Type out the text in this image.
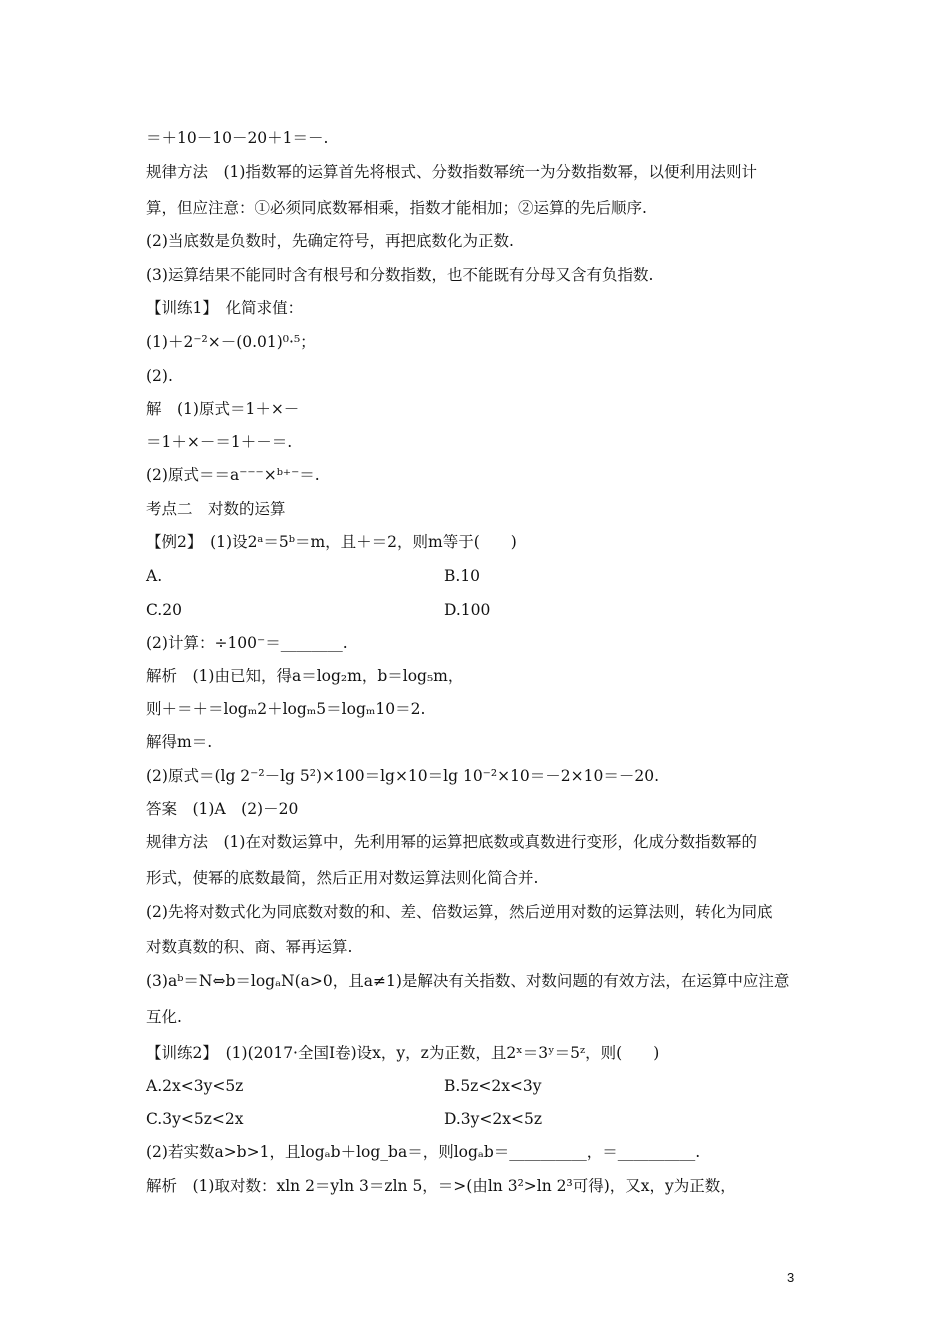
＝＋10－10－20＋1＝－.
规律方法　(1)指数幂的运算首先将根式、分数指数幂统一为分数指数幂，以便利用法则计
算，但应注意：①必须同底数幂相乘，指数才能相加；②运算的先后顺序.
(2)当底数是负数时，先确定符号，再把底数化为正数.
(3)运算结果不能同时含有根号和分数指数，也不能既有分母又含有负指数.
【训练1】　化简求值：
(1)＋2⁻²×－(0.01)⁰·⁵；
(2).
解　(1)原式＝1＋×－
＝1＋×－＝1＋－＝.
(2)原式＝＝a⁻⁻⁻×ᵇ⁺⁻＝.
考点二　对数的运算
【例2】　(1)设2ᵃ＝5ᵇ＝m，且＋＝2，则m等于(　　)
A.	B.10
C.20	D.100
(2)计算：÷100⁻＝________.
解析　(1)由已知，得a＝log₂m，b＝log₅m，
则＋＝＋＝logₘ2＋logₘ5＝logₘ10＝2.
解得m＝.
(2)原式＝(lg 2⁻²－lg 5²)×100＝lg×10＝lg 10⁻²×10＝－2×10＝－20.
答案　(1)A　(2)－20
规律方法　(1)在对数运算中，先利用幂的运算把底数或真数进行变形，化成分数指数幂的
形式，使幂的底数最简，然后正用对数运算法则化简合并.
(2)先将对数式化为同底数对数的和、差、倍数运算，然后逆用对数的运算法则，转化为同底
对数真数的积、商、幂再运算.
(3)aᵇ＝N⇔b＝logₐN(a>0，且a≠1)是解决有关指数、对数问题的有效方法，在运算中应注意
互化.
【训练2】　(1)(2017·全国Ⅰ卷)设x，y，z为正数，且2ˣ＝3ʸ＝5ᶻ，则(　　)
A.2x<3y<5z	B.5z<2x<3y
C.3y<5z<2x	D.3y<2x<5z
(2)若实数a>b>1，且logₐb＋log_ba＝，则logₐb＝__________，＝__________.
解析　(1)取对数：xln 2＝yln 3＝zln 5，＝>(由ln 3²>ln 2³可得)，又x，y为正数，
3
